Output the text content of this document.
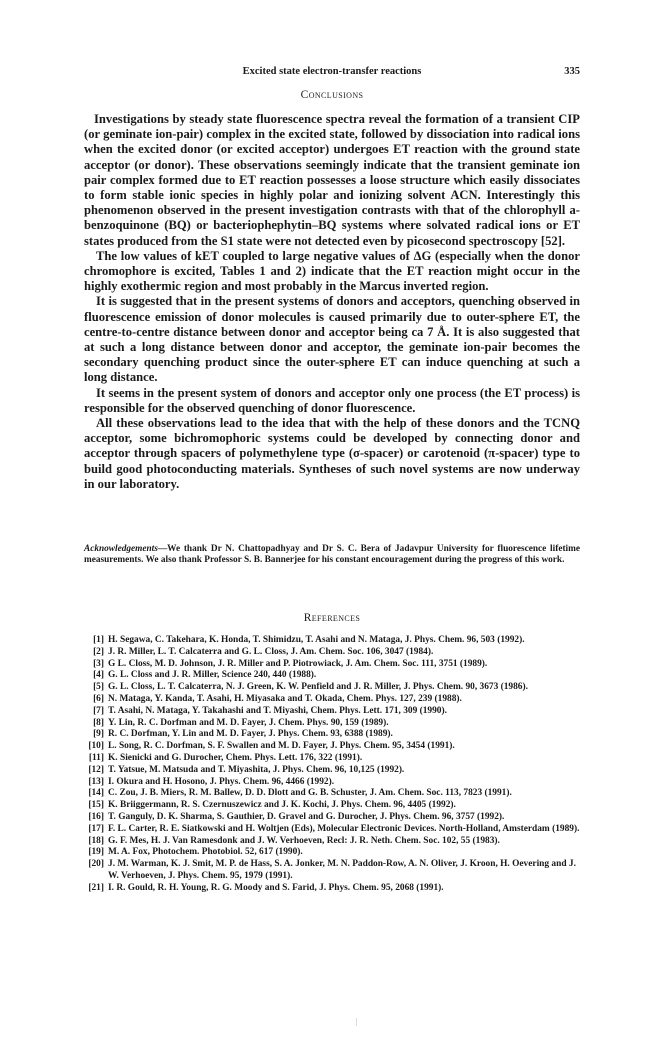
Excited state electron-transfer reactions	335
Conclusions

Investigations by steady state fluorescence spectra reveal the formation of a transient CIP (or geminate ion-pair) complex in the excited state, followed by dissociation into radical ions when the excited donor (or excited acceptor) undergoes ET reaction with the ground state acceptor (or donor). These observations seemingly indicate that the transient geminate ion pair complex formed due to ET reaction possesses a loose structure which easily dissociates to form stable ionic species in highly polar and ionizing solvent ACN. Interestingly this phenomenon observed in the present investigation contrasts with that of the chlorophyll a-benzoquinone (BQ) or bacteriophephytin–BQ systems where solvated radical ions or ET states produced from the S1 state were not detected even by picosecond spectroscopy [52].

The low values of kET coupled to large negative values of ΔG (especially when the donor chromophore is excited, Tables 1 and 2) indicate that the ET reaction might occur in the highly exothermic region and most probably in the Marcus inverted region.

It is suggested that in the present systems of donors and acceptors, quenching observed in fluorescence emission of donor molecules is caused primarily due to outer-sphere ET, the centre-to-centre distance between donor and acceptor being ca 7 Å. It is also suggested that at such a long distance between donor and acceptor, the geminate ion-pair becomes the secondary quenching product since the outer-sphere ET can induce quenching at such a long distance.

It seems in the present system of donors and acceptor only one process (the ET process) is responsible for the observed quenching of donor fluorescence.

All these observations lead to the idea that with the help of these donors and the TCNQ acceptor, some bichromophoric systems could be developed by connecting donor and acceptor through spacers of polymethylene type (σ-spacer) or carotenoid (π-spacer) type to build good photoconducting materials. Syntheses of such novel systems are now underway in our laboratory.

Acknowledgements—We thank Dr N. Chattopadhyay and Dr S. C. Bera of Jadavpur University for fluorescence lifetime measurements. We also thank Professor S. B. Bannerjee for his constant encouragement during the progress of this work.
References
[1] H. Segawa, C. Takehara, K. Honda, T. Shimidzu, T. Asahi and N. Mataga, J. Phys. Chem. 96, 503 (1992).
[2] J. R. Miller, L. T. Calcaterra and G. L. Closs, J. Am. Chem. Soc. 106, 3047 (1984).
[3] G L. Closs, M. D. Johnson, J. R. Miller and P. Piotrowiack, J. Am. Chem. Soc. 111, 3751 (1989).
[4] G. L. Closs and J. R. Miller, Science 240, 440 (1988).
[5] G. L. Closs, L. T. Calcaterra, N. J. Green, K. W. Penfield and J. R. Miller, J. Phys. Chem. 90, 3673 (1986).
[6] N. Mataga, Y. Kanda, T. Asahi, H. Miyasaka and T. Okada, Chem. Phys. 127, 239 (1988).
[7] T. Asahi, N. Mataga, Y. Takahashi and T. Miyashi, Chem. Phys. Lett. 171, 309 (1990).
[8] Y. Lin, R. C. Dorfman and M. D. Fayer, J. Chem. Phys. 90, 159 (1989).
[9] R. C. Dorfman, Y. Lin and M. D. Fayer, J. Phys. Chem. 93, 6388 (1989).
[10] L. Song, R. C. Dorfman, S. F. Swallen and M. D. Fayer, J. Phys. Chem. 95, 3454 (1991).
[11] K. Sienicki and G. Durocher, Chem. Phys. Lett. 176, 322 (1991).
[12] T. Yatsue, M. Matsuda and T. Miyashita, J. Phys. Chem. 96, 10,125 (1992).
[13] I. Okura and H. Hosono, J. Phys. Chem. 96, 4466 (1992).
[14] C. Zou, J. B. Miers, R. M. Ballew, D. D. Dlott and G. B. Schuster, J. Am. Chem. Soc. 113, 7823 (1991).
[15] K. Briiggermann, R. S. Czernuszewicz and J. K. Kochi, J. Phys. Chem. 96, 4405 (1992).
[16] T. Ganguly, D. K. Sharma, S. Gauthier, D. Gravel and G. Durocher, J. Phys. Chem. 96, 3757 (1992).
[17] F. L. Carter, R. E. Siatkowski and H. Woltjen (Eds), Molecular Electronic Devices. North-Holland, Amsterdam (1989).
[18] G. F. Mes, H. J. Van Ramesdonk and J. W. Verhoeven, Recl: J. R. Neth. Chem. Soc. 102, 55 (1983).
[19] M. A. Fox, Photochem. Photobiol. 52, 617 (1990).
[20] J. M. Warman, K. J. Smit, M. P. de Hass, S. A. Jonker, M. N. Paddon-Row, A. N. Oliver, J. Kroon, H. Oevering and J. W. Verhoeven, J. Phys. Chem. 95, 1979 (1991).
[21] I. R. Gould, R. H. Young, R. G. Moody and S. Farid, J. Phys. Chem. 95, 2068 (1991).
